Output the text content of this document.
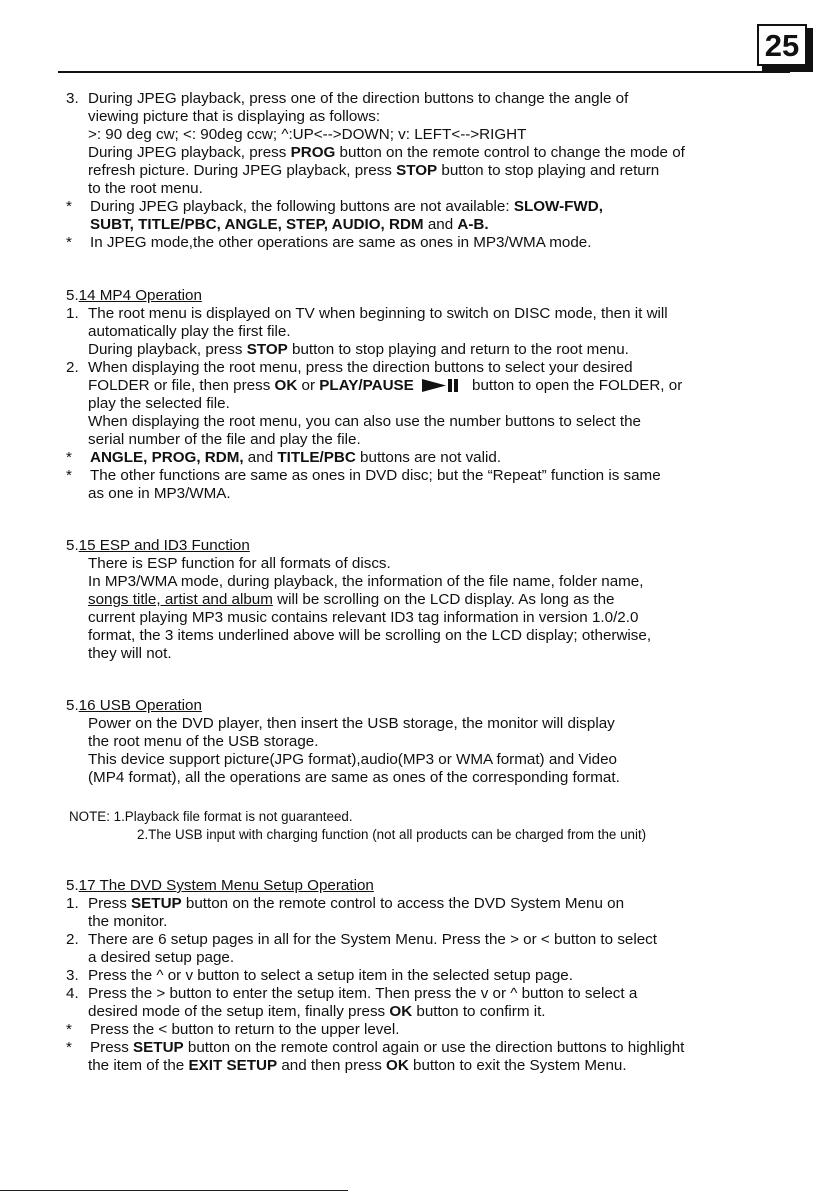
25
3. During JPEG playback, press one of the direction buttons to change the angle of
viewing picture that is displaying as follows:
>: 90 deg cw; <: 90deg ccw; ^:UP<-->DOWN; v: LEFT<-->RIGHT
During JPEG playback, press PROG button on the remote control to change the mode of
refresh picture. During JPEG playback, press STOP button to stop playing and return
to the root menu.
* During JPEG playback, the following buttons are not available: SLOW-FWD,
SUBT, TITLE/PBC, ANGLE, STEP, AUDIO, RDM and A-B.
* In JPEG mode,the other operations are same as ones in MP3/WMA mode.
5.14 MP4 Operation
1. The root menu is displayed on TV when beginning to switch on DISC mode, then it will
automatically play the first file.
During playback, press STOP button to stop playing and return to the root menu.
2. When displaying the root menu, press the direction buttons to select your desired
FOLDER or file, then press OK or PLAY/PAUSE	button to open the FOLDER, or
play the selected file.
When displaying the root menu, you can also use the number buttons to select the
serial number of the file and play the file.
* ANGLE, PROG, RDM, and TITLE/PBC buttons are not valid.
* The other functions are same as ones in DVD disc; but the “Repeat” function is same
as one in MP3/WMA.
5.15 ESP and ID3 Function
There is ESP function for all formats of discs.
In MP3/WMA mode, during playback, the information of the file name, folder name,
songs title, artist and album will be scrolling on the LCD display. As long as the
current playing MP3 music contains relevant ID3 tag information in version 1.0/2.0
format, the 3 items underlined above will be scrolling on the LCD display; otherwise,
they will not.
5.16 USB Operation
Power on the DVD player, then insert the USB storage, the monitor will display
the root menu of the USB storage.
This device support picture(JPG format),audio(MP3 or WMA format) and Video
(MP4 format), all the operations are same as ones of the corresponding format.
NOTE: 1.Playback file format is not guaranteed.
2.The USB input with charging function (not all products can be charged from the unit)
5.17 The DVD System Menu Setup Operation
1. Press SETUP button on the remote control to access the DVD System Menu on
the monitor.
2. There are 6 setup pages in all for the System Menu. Press the > or < button to select
a desired setup page.
3. Press the ^ or v button to select a setup item in the selected setup page.
4. Press the > button to enter the setup item. Then press the v or ^ button to select a
desired mode of the setup item, finally press OK button to confirm it.
* Press the < button to return to the upper level.
* Press SETUP button on the remote control again or use the direction buttons to highlight
the item of the EXIT SETUP and then press OK button to exit the System Menu.
